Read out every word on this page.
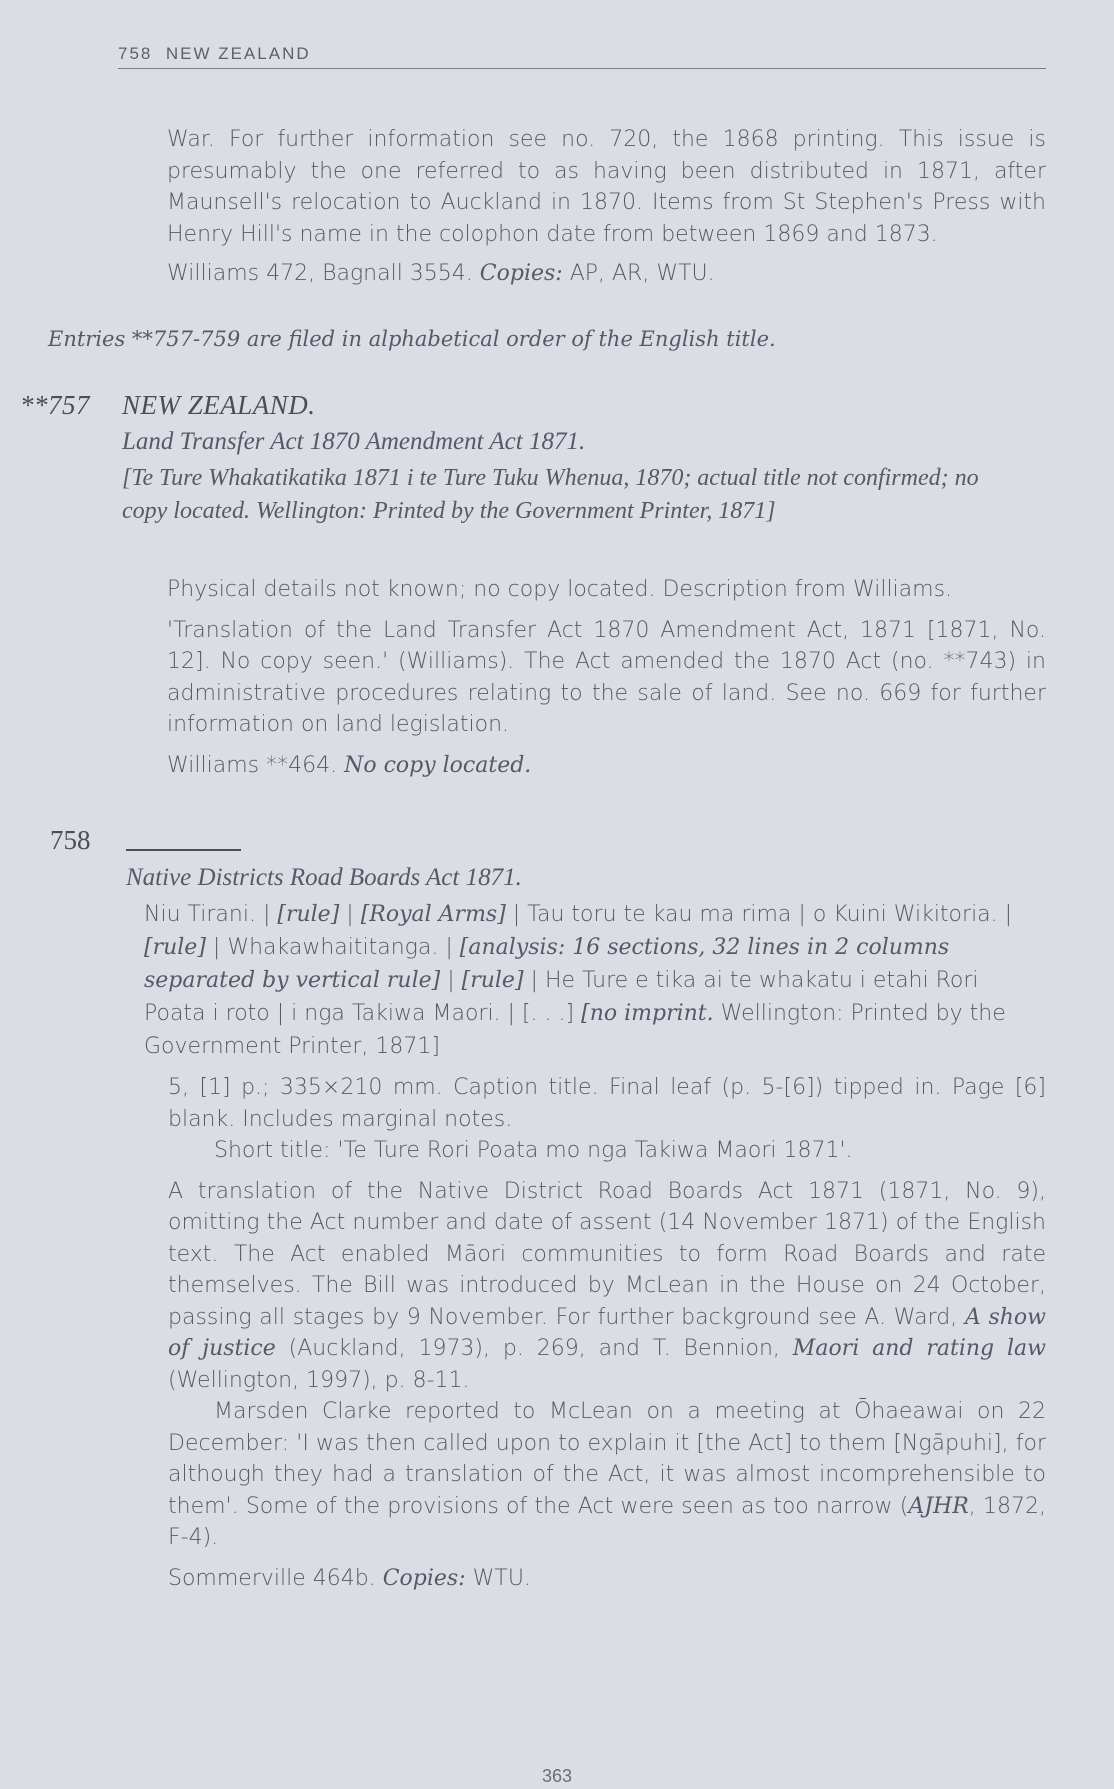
758 NEW ZEALAND

War. For further information see no. 720, the 1868 printing. This issue is presumably the one referred to as having been distributed in 1871, after Maunsell's relocation to Auckland in 1870. Items from St Stephen's Press with Henry Hill's name in the colophon date from between 1869 and 1873.

Williams 472, Bagnall 3554. Copies: AP, AR, WTU.

Entries **757-759 are filed in alphabetical order of the English title.
**757 NEW ZEALAND.
Land Transfer Act 1870 Amendment Act 1871.
[Te Ture Whakatikatika 1871 i te Ture Tuku Whenua, 1870; actual title not confirmed; no copy located. Wellington: Printed by the Government Printer, 1871]

Physical details not known; no copy located. Description from Williams.

'Translation of the Land Transfer Act 1870 Amendment Act, 1871 [1871, No. 12]. No copy seen.' (Williams). The Act amended the 1870 Act (no. **743) in administrative procedures relating to the sale of land. See no. 669 for further information on land legislation.

Williams **464. No copy located.

758
Native Districts Road Boards Act 1871.
Niu Tirani. | [rule] | [Royal Arms] | Tau toru te kau ma rima | o Kuini Wikitoria. | [rule] | Whakawhaititanga. | [analysis: 16 sections, 32 lines in 2 columns separated by vertical rule] | [rule] | He Ture e tika ai te whakatu i etahi Rori Poata i roto | i nga Takiwa Maori. | [. . .] [no imprint. Wellington: Printed by the Government Printer, 1871]

5, [1] p.; 335×210 mm. Caption title. Final leaf (p. 5-[6]) tipped in. Page [6] blank. Includes marginal notes.

Short title: 'Te Ture Rori Poata mo nga Takiwa Maori 1871'.

A translation of the Native District Road Boards Act 1871 (1871, No. 9), omitting the Act number and date of assent (14 November 1871) of the English text. The Act enabled Māori communities to form Road Boards and rate themselves. The Bill was introduced by McLean in the House on 24 October, passing all stages by 9 November. For further background see A. Ward, A show of justice (Auckland, 1973), p. 269, and T. Bennion, Maori and rating law (Wellington, 1997), p. 8-11.

Marsden Clarke reported to McLean on a meeting at Ōhaeawai on 22 December: 'I was then called upon to explain it [the Act] to them [Ngāpuhi], for although they had a translation of the Act, it was almost incomprehensible to them'. Some of the provisions of the Act were seen as too narrow (AJHR, 1872, F-4).

Sommerville 464b. Copies: WTU.

363
